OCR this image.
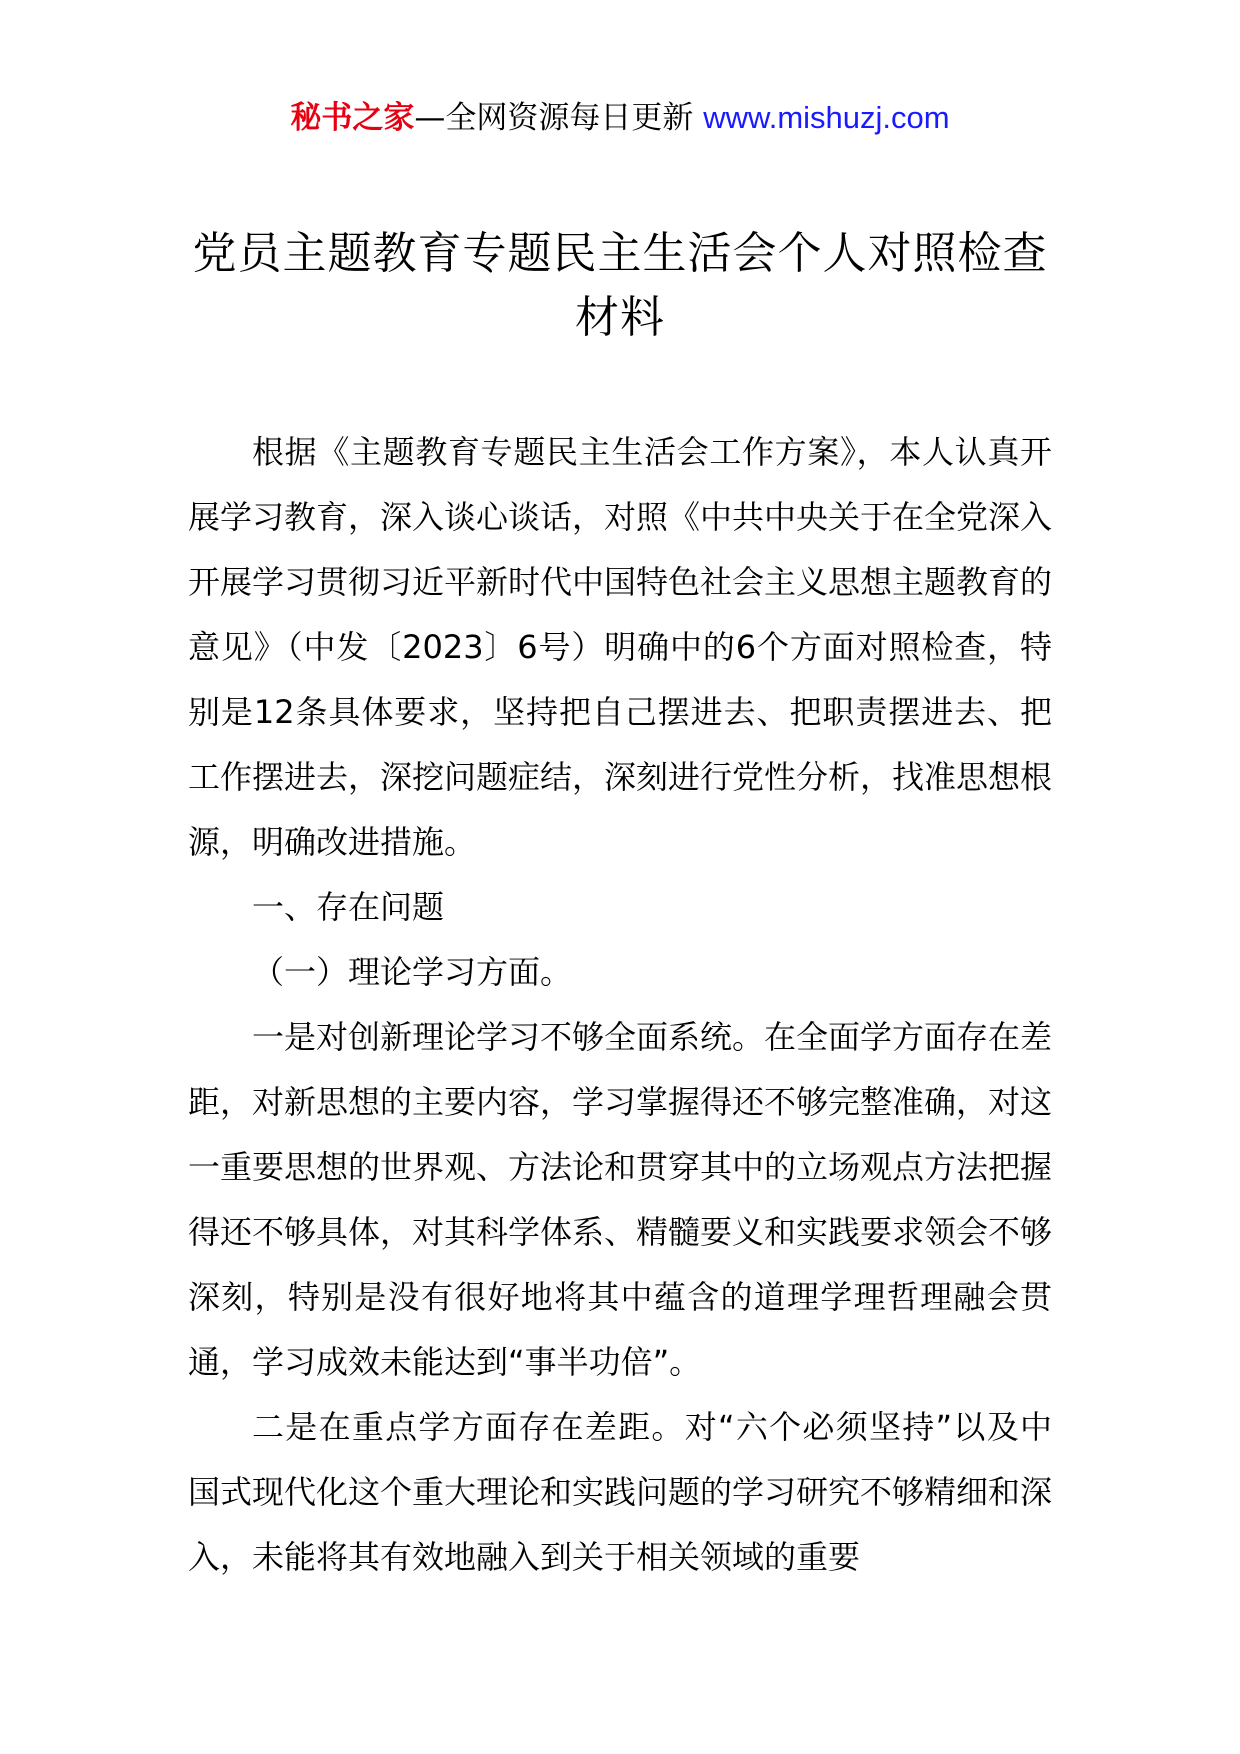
秘书之家—全网资源每日更新 www.mishuzj.com
党员主题教育专题民主生活会个人对照检查材料

根据《主题教育专题民主生活会工作方案》，本人认真开展学习教育，深入谈心谈话，对照《中共中央关于在全党深入开展学习贯彻习近平新时代中国特色社会主义思想主题教育的意见》（中发〔2023〕6号）明确中的6个方面对照检查，特别是12条具体要求，坚持把自己摆进去、把职责摆进去、把工作摆进去，深挖问题症结，深刻进行党性分析，找准思想根源，明确改进措施。

一、存在问题

（一）理论学习方面。

一是对创新理论学习不够全面系统。在全面学方面存在差距，对新思想的主要内容，学习掌握得还不够完整准确，对这一重要思想的世界观、方法论和贯穿其中的立场观点方法把握得还不够具体，对其科学体系、精髓要义和实践要求领会不够深刻，特别是没有很好地将其中蕴含的道理学理哲理融会贯通，学习成效未能达到“事半功倍”。

二是在重点学方面存在差距。对“六个必须坚持”以及中国式现代化这个重大理论和实践问题的学习研究不够精细和深入，未能将其有效地融入到关于相关领域的重要
